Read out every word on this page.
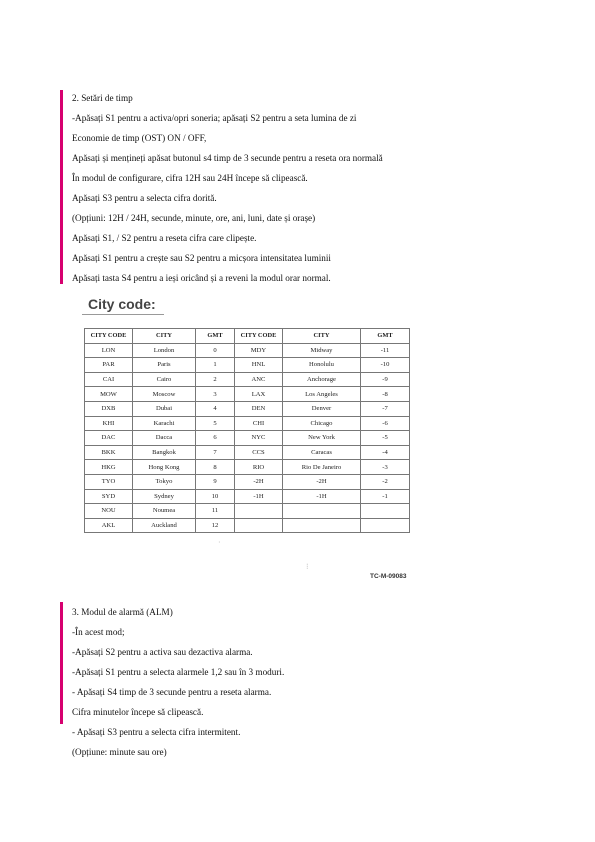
2. Setări de timp
-Apăsați S1 pentru a activa/opri soneria; apăsați S2 pentru a seta lumina de zi
Economie de timp (OST) ON / OFF,
Apăsați și mențineți apăsat butonul s4 timp de 3 secunde pentru a reseta ora normală
În modul de configurare, cifra 12H sau 24H începe să clipească.
Apăsați S3 pentru a selecta cifra dorită.
(Opțiuni: 12H / 24H, secunde, minute, ore, ani, luni, date și orașe)
Apăsați S1, / S2 pentru a reseta cifra care clipește.
Apăsați S1 pentru a crește sau S2 pentru a micșora intensitatea luminii
Apăsați tasta S4 pentru a ieși oricând și a reveni la modul orar normal.
City code:
CITY CODE	CITY	GMT	CITY CODE	CITY	GMT
LON	London	0	MDY	Midway	-11
PAR	Paris	1	HNL	Honolulu	-10
CAI	Cairo	2	ANC	Anchorage	-9
MOW	Moscow	3	LAX	Los Angeles	-8
DXB	Dubai	4	DEN	Denver	-7
KHI	Karachi	5	CHI	Chicago	-6
DAC	Dacca	6	NYC	New York	-5
BKK	Bangkok	7	CCS	Caracas	-4
HKG	Hong Kong	8	RIO	Rio De Janeiro	-3
TYO	Tokyo	9	-2H	-2H	-2
SYD	Sydney	10	-1H	-1H	-1
NOU	Noumea	11			
AKL	Auckland	12			
TC-M-09083
·
⁝
3. Modul de alarmă (ALM)
-În acest mod;
-Apăsați S2 pentru a activa sau dezactiva alarma.
-Apăsați S1 pentru a selecta alarmele 1,2 sau în 3 moduri.
- Apăsați S4 timp de 3 secunde pentru a reseta alarma.
Cifra minutelor începe să clipească.
- Apăsați S3 pentru a selecta cifra intermitent.
(Opțiune: minute sau ore)
